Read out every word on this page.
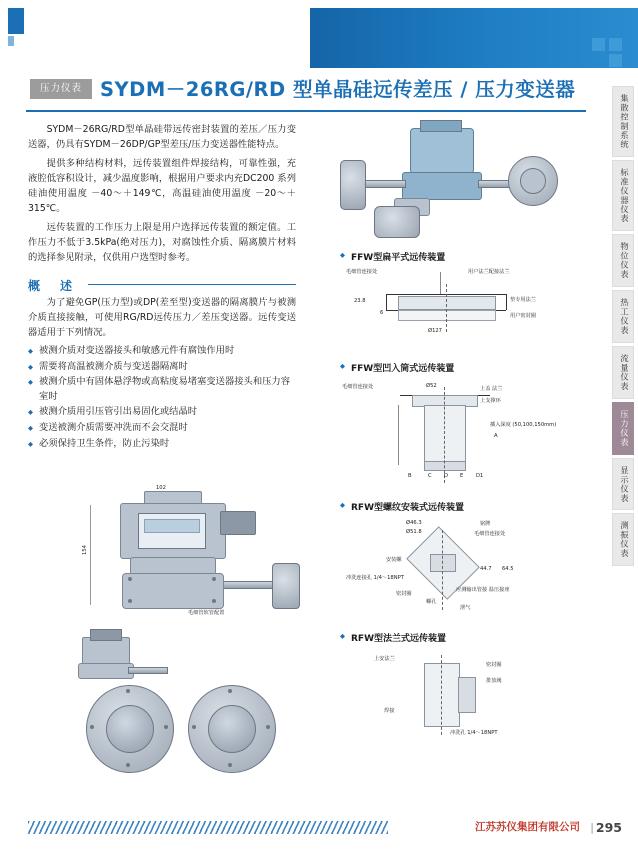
压力仪表 SYDM－26RG/RD 型单晶硅远传差压 / 压力变送器

SYDM－26RG/RD型单晶硅带远传密封装置的差压／压力变送器，仍具有SYDM－26DP/GP型差压/压力变送器性能特点。

提供多种结构材料，远传装置组件焊接结构，可靠性强，充液腔低容积设计，减少温度影响，根据用户要求内充DC200 系列硅油使用温度 －40～＋149℃，高温硅油使用温度 －20～＋315℃。

远传装置的工作压力上限是用户选择远传装置的额定值。工作压力不低于3.5kPa(绝对压力)，对腐蚀性介质、隔离膜片材料的选择参见附录，仅供用户选型时参考。

概　述

为了避免GP(压力型)或DP(差至型)变送器的隔离膜片与被测介质直接接触，可使用RG/RD远传压力／差压变送器。远传变送器适用于下列情况。

◆ 被测介质对变送器接头和敏感元件有腐蚀作用时
◆ 需要将高温被测介质与变送器隔离时
◆ 被测介质中有固体悬浮物或高粘度易堵塞变送器接头和压力容室时
◆ 被测介质用引压管引出易固化或结晶时
◆ 变送被测介质需要冲洗而不会交混时
◆ 必须保持卫生条件，防止污染时
毛细管软管配置
154
102
◆ FFW型扁平式远传装置
毛细管连接处	用户法兰配接法兰
23.8	垫专用法兰
Ø127
用户密封圈
6
◆ FFW型凹入筒式远传装置
毛细管连接处	Ø52	上盖 法兰
上支撑环
插入深度 (50,100,150mm)
A
B	C D E D1
◆ RFW型螺纹安装式远传装置
Ø46.3
Ø51.8
铭牌
毛细管连接处
安装螺
冲洗连接孔 1/4～18NPT
44.7 64.5
密封圈
螺孔
应测输出管接 温压接座
泄气
◆ RFW型法兰式远传装置
上安法兰
密封圈
排放阀
冲洗孔 1/4～18NPT
焊接
集散控制系统
标准仪器仪表
物位仪表
热工仪表
流量仪表
压力仪表
显示仪表
测振仪表
江苏苏仪集团有限公司 | 295
